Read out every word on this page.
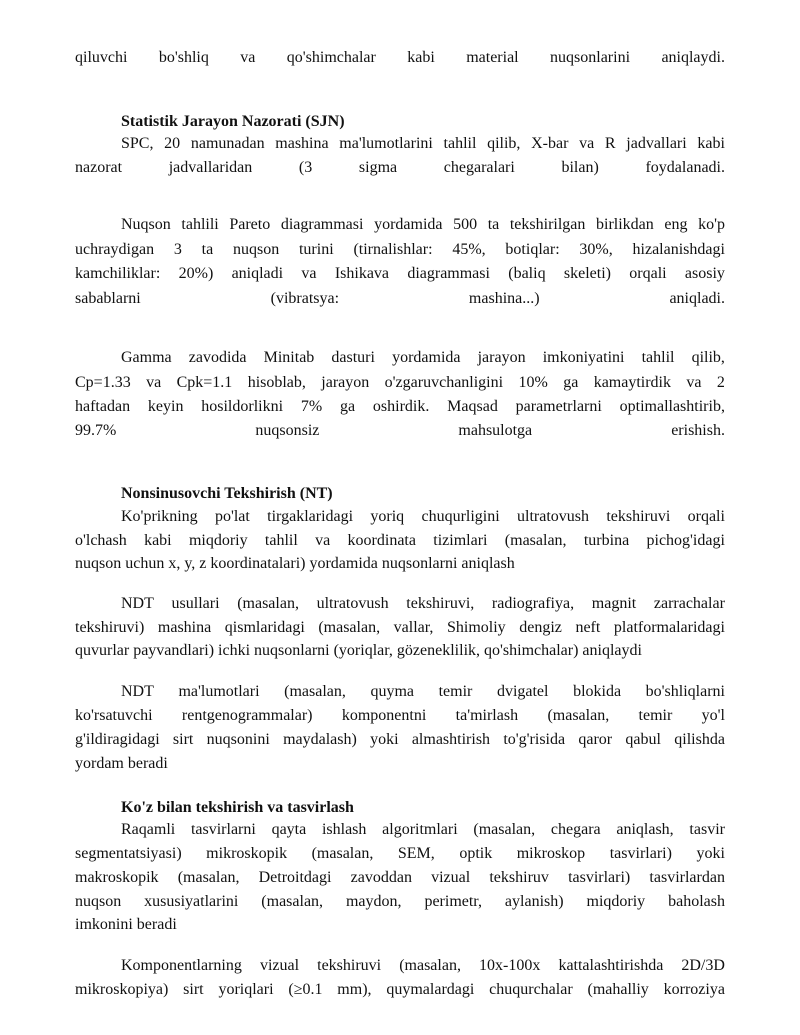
qiluvchi bo'shliq va qo'shimchalar kabi material nuqsonlarini aniqlaydi.
Statistik Jarayon Nazorati (SJN)
SPC, 20 namunadan mashina ma'lumotlarini tahlil qilib, X-bar va R jadvallari kabi
nazorat	jadvallaridan	(3	sigma	chegaralari	bilan)	foydalanadi.
Nuqson tahlili Pareto diagrammasi yordamida 500 ta tekshirilgan birlikdan eng ko'p
uchraydigan 3 ta nuqson turini (tirnalishlar: 45%, botiqlar: 30%, hizalanishdagi
kamchiliklar: 20%) aniqladi va Ishikava diagrammasi (baliq skeleti) orqali asosiy
sabablarni	(vibratsya:	mashina...)	aniqladi.
Gamma zavodida Minitab dasturi yordamida jarayon imkoniyatini tahlil qilib,
Cp=1.33 va Cpk=1.1 hisoblab, jarayon o'zgaruvchanligini 10% ga kamaytirdik va 2
haftadan keyin hosildorlikni 7% ga oshirdik. Maqsad parametrlarni optimallashtirib,
99.7%	nuqsonsiz	mahsulotga	erishish.
Nonsinusovchi Tekshirish (NT)
Ko'prikning po'lat tirgaklaridagi yoriq chuqurligini ultratovush tekshiruvi orqali
o'lchash kabi miqdoriy tahlil va koordinata tizimlari (masalan, turbina pichog'idagi
nuqson uchun x, y, z koordinatalari) yordamida nuqsonlarni aniqlash
NDT usullari (masalan, ultratovush tekshiruvi, radiografiya, magnit zarrachalar
tekshiruvi) mashina qismlaridagi (masalan, vallar, Shimoliy dengiz neft platformalaridagi
quvurlar payvandlari) ichki nuqsonlarni (yoriqlar, gözeneklilik, qo'shimchalar) aniqlaydi
NDT ma'lumotlari (masalan, quyma temir dvigatel blokida bo'shliqlarni
ko'rsatuvchi rentgenogrammalar) komponentni ta'mirlash (masalan, temir yo'l
g'ildiragidagi sirt nuqsonini maydalash) yoki almashtirish to'g'risida qaror qabul qilishda
yordam beradi
Ko'z bilan tekshirish va tasvirlash
Raqamli tasvirlarni qayta ishlash algoritmlari (masalan, chegara aniqlash, tasvir
segmentatsiyasi) mikroskopik (masalan, SEM, optik mikroskop tasvirlari) yoki
makroskopik (masalan, Detroitdagi zavoddan vizual tekshiruv tasvirlari) tasvirlardan
nuqson xususiyatlarini (masalan, maydon, perimetr, aylanish) miqdoriy baholash
imkonini beradi
Komponentlarning vizual tekshiruvi (masalan, 10x-100x kattalashtirishda 2D/3D
mikroskopiya) sirt yoriqlari (≥0.1 mm), quymalardagi chuqurchalar (mahalliy korroziya
